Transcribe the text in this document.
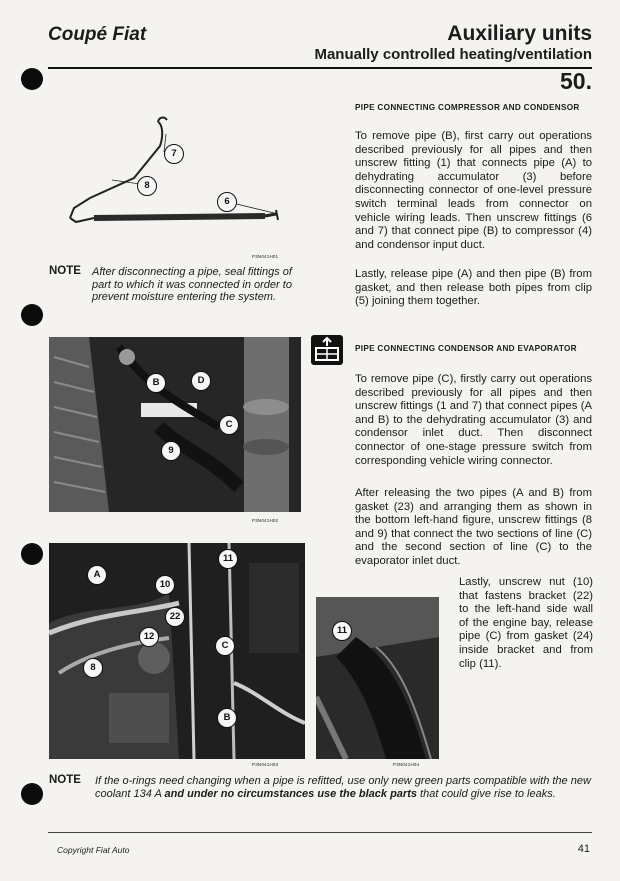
Coupé Fiat	Auxiliary units
Manually controlled heating/ventilation
50.
PIPE CONNECTING COMPRESSOR AND CONDENSOR
To remove pipe (B), first carry out operations described previously for all pipes and then unscrew fitting (1) that connects pipe (A) to dehydrating accumulator (3) before disconnecting connector of one-level pressure switch terminal leads from connector on vehicle wiring leads. Then unscrew fittings (6 and 7) that connect pipe (B) to compressor (4) and condensor input duct.
Lastly, release pipe (A) and then pipe (B) from gasket, and then release both pipes from clip (5) joining them together.
7
8
6
P3N041H01
NOTE After disconnecting a pipe, seal fittings of part to which it was connected in order to prevent moisture entering the system.
PIPE CONNECTING CONDENSOR AND EVAPORATOR
To remove pipe (C), firstly carry out operations described previously for all pipes and then unscrew fittings (1 and 7) that connect pipes (A and B) to the dehydrating accumulator (3) and condensor inlet duct. Then disconnect connector of one-stage pressure switch from corresponding vehicle wiring connector.
After releasing the two pipes (A and B) from gasket (23) and arranging them as shown in the bottom left-hand figure, unscrew fittings (8 and 9) that connect the two sections of line (C) and the second section of line (C) to the evaporator inlet duct.
Lastly, unscrew nut (10) that fastens bracket (22) to the left-hand side wall of the engine bay, release pipe (C) from gasket (24) inside bracket and from clip (11).
B	D
C
9
P3N041H02
A
10
11
22
12
C
8
B
P3N041H03
11
P3N041H04
NOTE If the o-rings need changing when a pipe is refitted, use only new green parts compatible with the new coolant 134 A and under no circumstances use the black parts that could give rise to leaks.
Copyright Fiat Auto	41
